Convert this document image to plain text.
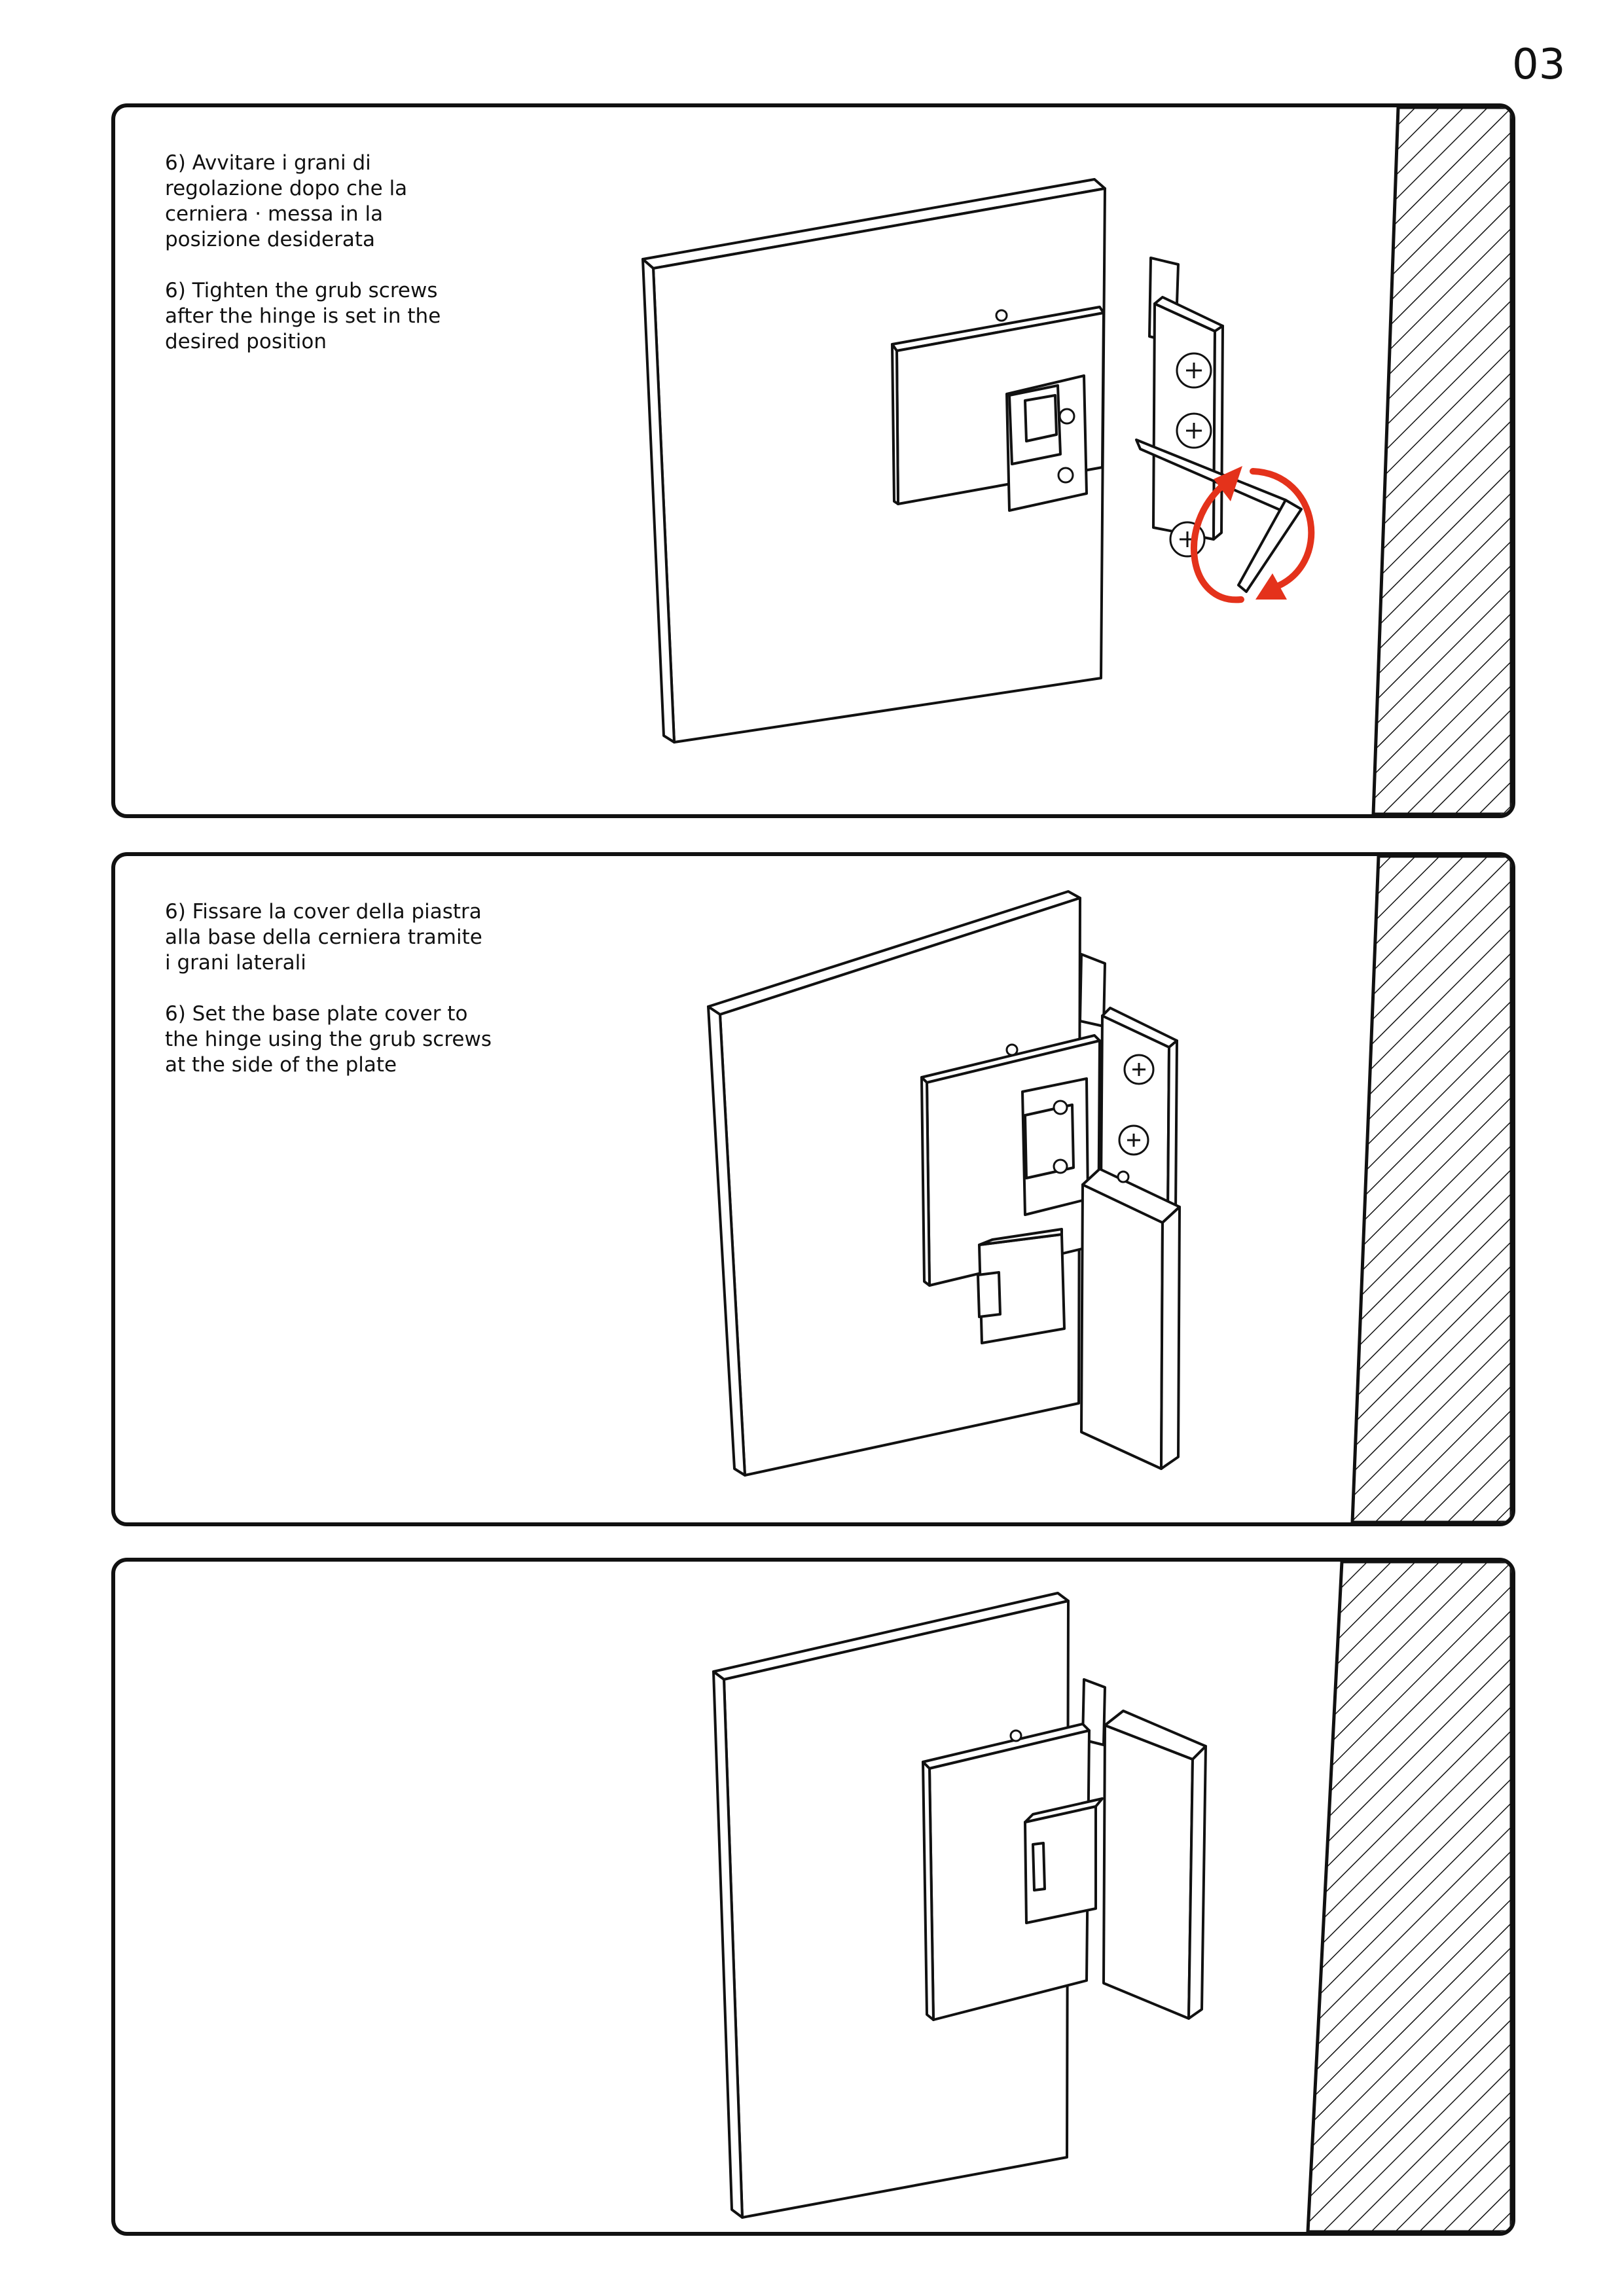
03

6) Avvitare i grani di
regolazione dopo che la
cerniera · messa in la
posizione desiderata

6) Tighten the grub screws
after the hinge is set in the
desired position

6) Fissare la cover della piastra
alla base della cerniera tramite
i grani laterali

6) Set the base plate cover to
the hinge using the grub screws
at the side of the plate
